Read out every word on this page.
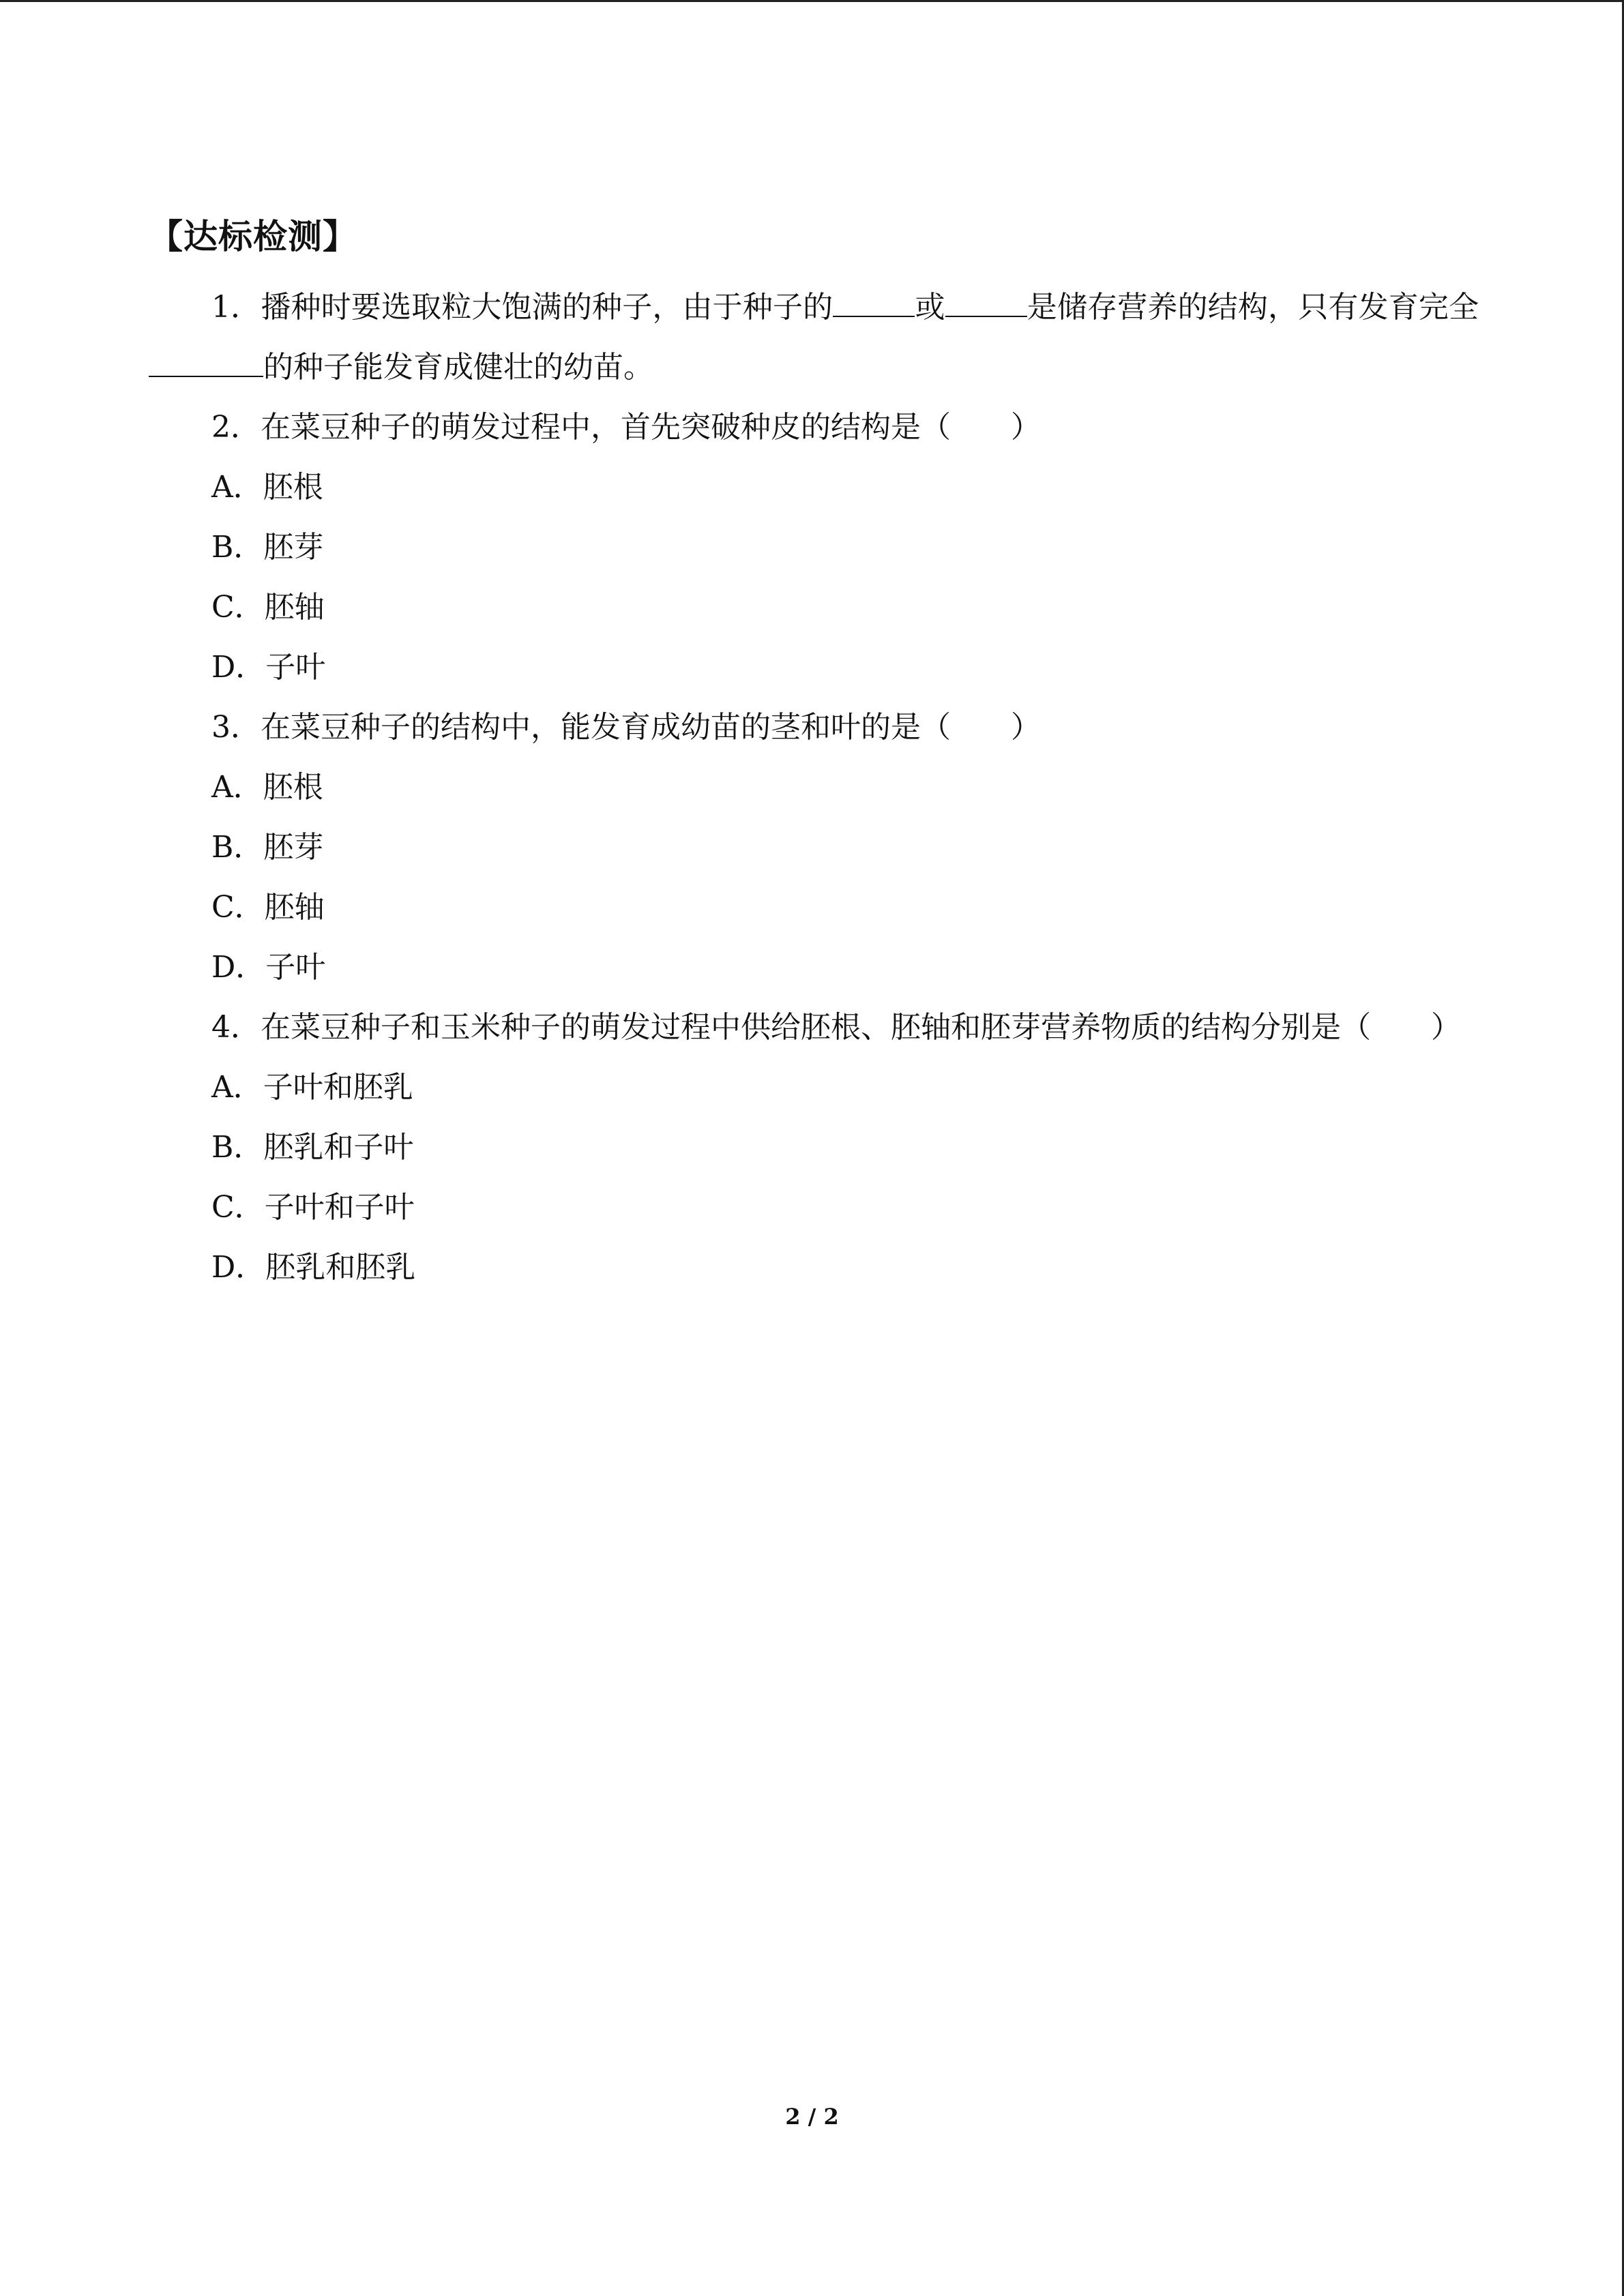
【达标检测】

1．播种时要选取粒大饱满的种子，由于种子的	或	是储存营养的结构，只有发育完全的种子能发育成健壮的幼苗。

2．在菜豆种子的萌发过程中，首先突破种皮的结构是（ ）

A．胚根
B．胚芽
C．胚轴
D．子叶

3．在菜豆种子的结构中，能发育成幼苗的茎和叶的是（ ）

A．胚根
B．胚芽
C．胚轴
D．子叶

4．在菜豆种子和玉米种子的萌发过程中供给胚根、胚轴和胚芽营养物质的结构分别是（ ）

A．子叶和胚乳
B．胚乳和子叶
C．子叶和子叶
D．胚乳和胚乳
2 / 2
